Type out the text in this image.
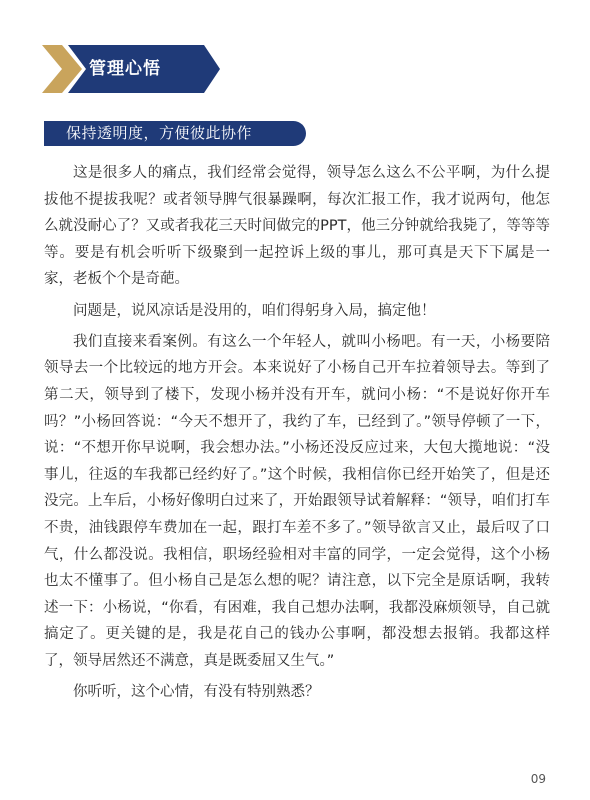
管理心悟
保持透明度，方便彼此协作

这是很多人的痛点，我们经常会觉得，领导怎么这么不公平啊，为什么提拔他不提拔我呢？或者领导脾气很暴躁啊，每次汇报工作，我才说两句，他怎么就没耐心了？又或者我花三天时间做完的PPT，他三分钟就给我毙了，等等等等。要是有机会听听下级聚到一起控诉上级的事儿，那可真是天下下属是一家，老板个个是奇葩。

问题是，说风凉话是没用的，咱们得躬身入局，搞定他！

我们直接来看案例。有这么一个年轻人，就叫小杨吧。有一天，小杨要陪领导去一个比较远的地方开会。本来说好了小杨自己开车拉着领导去。等到了第二天，领导到了楼下，发现小杨并没有开车，就问小杨：“不是说好你开车吗？”小杨回答说：“今天不想开了，我约了车，已经到了。”领导停顿了一下，说：“不想开你早说啊，我会想办法。”小杨还没反应过来，大包大揽地说：“没事儿，往返的车我都已经约好了。”这个时候，我相信你已经开始笑了，但是还没完。上车后，小杨好像明白过来了，开始跟领导试着解释：“领导，咱们打车不贵，油钱跟停车费加在一起，跟打车差不多了。”领导欲言又止，最后叹了口气，什么都没说。我相信，职场经验相对丰富的同学，一定会觉得，这个小杨也太不懂事了。但小杨自己是怎么想的呢？请注意，以下完全是原话啊，我转述一下：小杨说，“你看，有困难，我自己想办法啊，我都没麻烦领导，自己就搞定了。更关键的是，我是花自己的钱办公事啊，都没想去报销。我都这样了，领导居然还不满意，真是既委屈又生气。”

你听听，这个心情，有没有特别熟悉？

09
